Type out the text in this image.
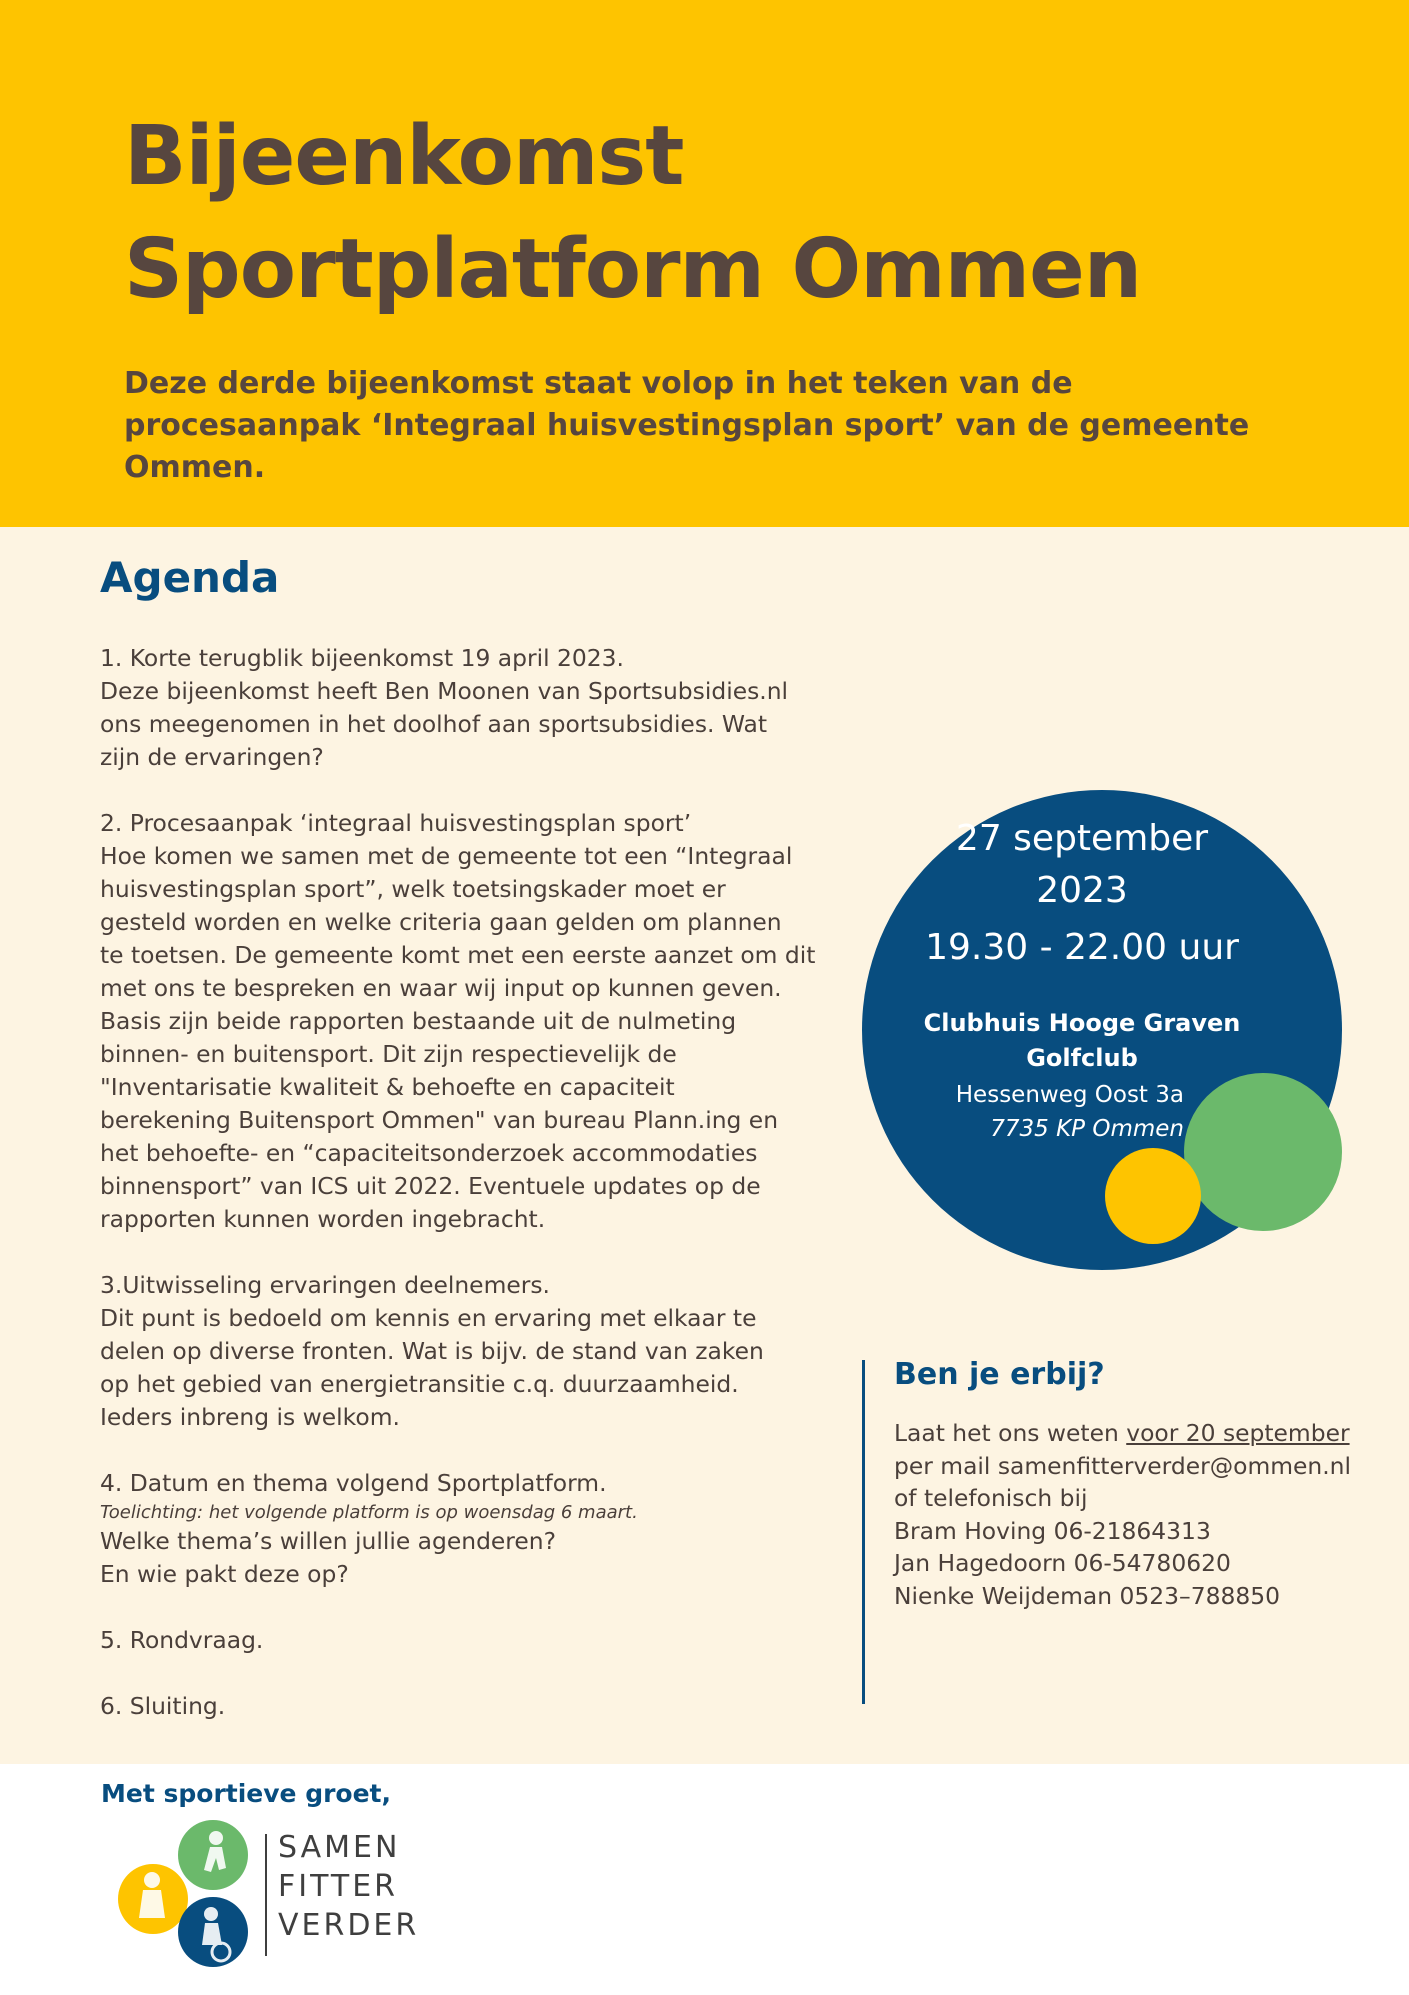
Bijeenkomst
Sportplatform Ommen

Deze derde bijeenkomst staat volop in het teken van de procesaanpak ‘Integraal huisvestingsplan sport’ van de gemeente Ommen.

Agenda
1. Korte terugblik bijeenkomst 19 april 2023.
Deze bijeenkomst heeft Ben Moonen van Sportsubsidies.nl
ons meegenomen in het doolhof aan sportsubsidies. Wat
zijn de ervaringen?
2. Procesaanpak ‘integraal huisvestingsplan sport’
Hoe komen we samen met de gemeente tot een “Integraal
huisvestingsplan sport”, welk toetsingskader moet er
gesteld worden en welke criteria gaan gelden om plannen
te toetsen. De gemeente komt met een eerste aanzet om dit
met ons te bespreken en waar wij input op kunnen geven.
Basis zijn beide rapporten bestaande uit de nulmeting
binnen- en buitensport. Dit zijn respectievelijk de
"Inventarisatie kwaliteit & behoefte en capaciteit
berekening Buitensport Ommen" van bureau Plann.ing en
het behoefte- en “capaciteitsonderzoek accommodaties
binnensport” van ICS uit 2022. Eventuele updates op de
rapporten kunnen worden ingebracht.
3.Uitwisseling ervaringen deelnemers.
Dit punt is bedoeld om kennis en ervaring met elkaar te
delen op diverse fronten. Wat is bijv. de stand van zaken
op het gebied van energietransitie c.q. duurzaamheid.
Ieders inbreng is welkom.
4. Datum en thema volgend Sportplatform.
Toelichting: het volgende platform is op woensdag 6 maart.
Welke thema’s willen jullie agenderen?
En wie pakt deze op?
5. Rondvraag.
6. Sluiting.
27 september
2023
19.30 - 22.00 uur
Clubhuis Hooge Graven
Golfclub
Hessenweg Oost 3a
7735 KP Ommen
Ben je erbij?
Laat het ons weten voor 20 september
per mail samenfitterverder@ommen.nl
of telefonisch bij
Bram Hoving 06-21864313
Jan Hagedoorn 06-54780620
Nienke Weijdeman 0523–788850

Met sportieve groet,

SAMEN
FITTER
VERDER
